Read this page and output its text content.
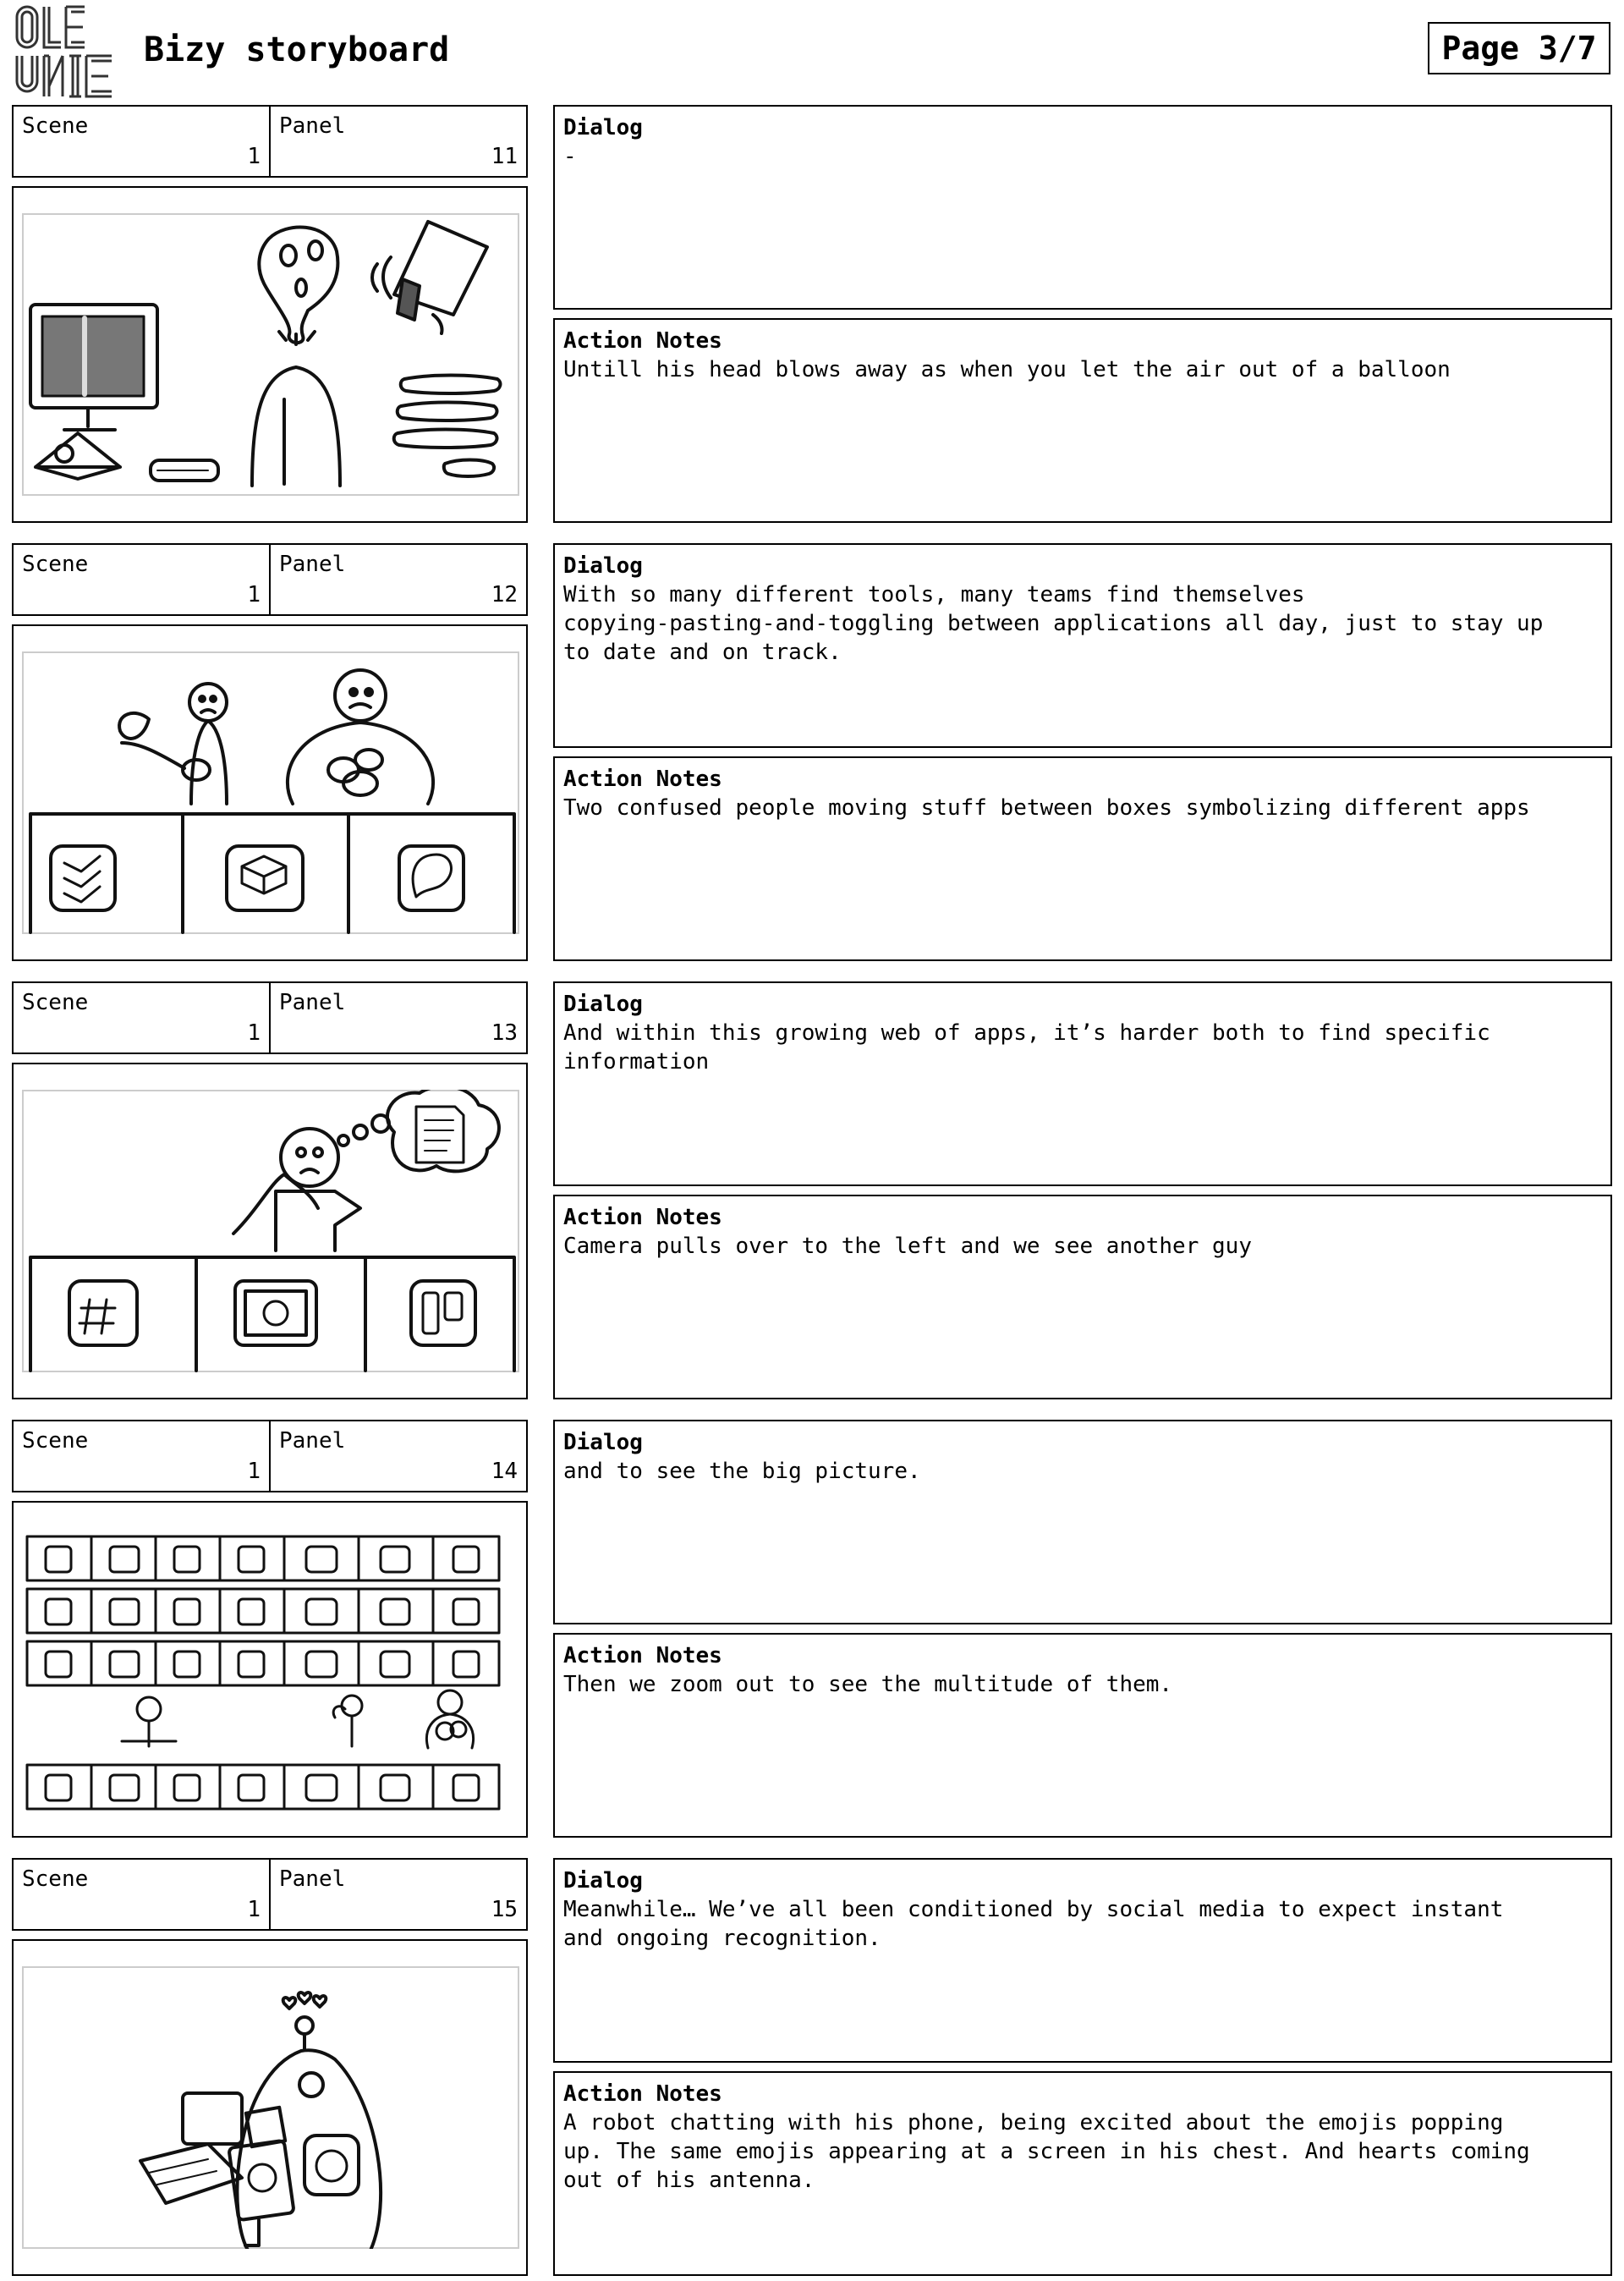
Bizy storyboard	Page 3/7
Scene
1
Panel
11
Dialog
-
Action Notes
Untill his head blows away as when you let the air out of a balloon
Scene
1
Panel
12
Dialog
With so many different tools, many teams find themselves
copying-pasting-and-toggling between applications all day, just to stay up
to date and on track.
Action Notes
Two confused people moving stuff between boxes symbolizing different apps
Scene
1
Panel
13
Dialog
And within this growing web of apps, it’s harder both to find specific
information
Action Notes
Camera pulls over to the left and we see another guy
Scene
1
Panel
14
Dialog
and to see the big picture.
Action Notes
Then we zoom out to see the multitude of them.
Scene
1
Panel
15
Dialog
Meanwhile… We’ve all been conditioned by social media to expect instant
and ongoing recognition.
Action Notes
A robot chatting with his phone, being excited about the emojis popping
up. The same emojis appearing at a screen in his chest. And hearts coming
out of his antenna.
